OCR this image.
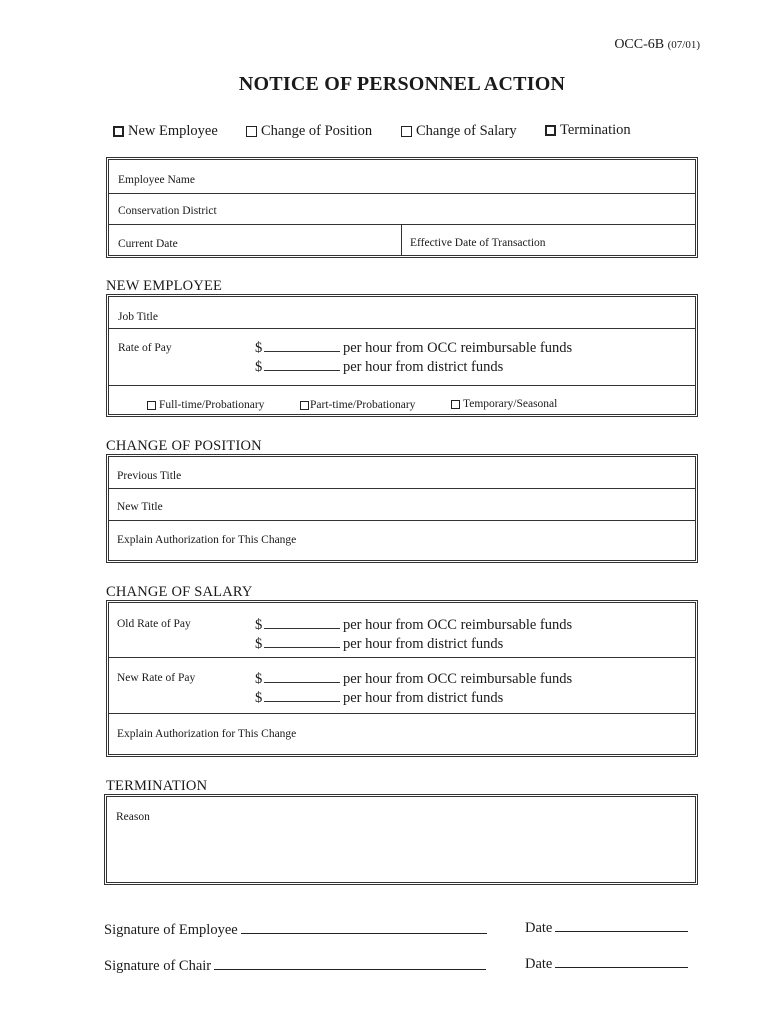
OCC-6B (07/01)
NOTICE OF PERSONNEL ACTION
New Employee	Change of Position	Change of Salary	Termination
Employee Name
Conservation District
Current Date	Effective Date of Transaction
NEW EMPLOYEE
Job Title
Rate of Pay	$	per hour from OCC reimbursable funds
$	per hour from district funds
Full-time/Probationary	Part-time/Probationary	Temporary/Seasonal
CHANGE OF POSITION
Previous Title
New Title
Explain Authorization for This Change
CHANGE OF SALARY
Old Rate of Pay	$	per hour from OCC reimbursable funds
$	per hour from district funds
New Rate of Pay	$	per hour from OCC reimbursable funds
$	per hour from district funds
Explain Authorization for This Change
TERMINATION
Reason
Signature of Employee	Date
Signature of Chair	Date
